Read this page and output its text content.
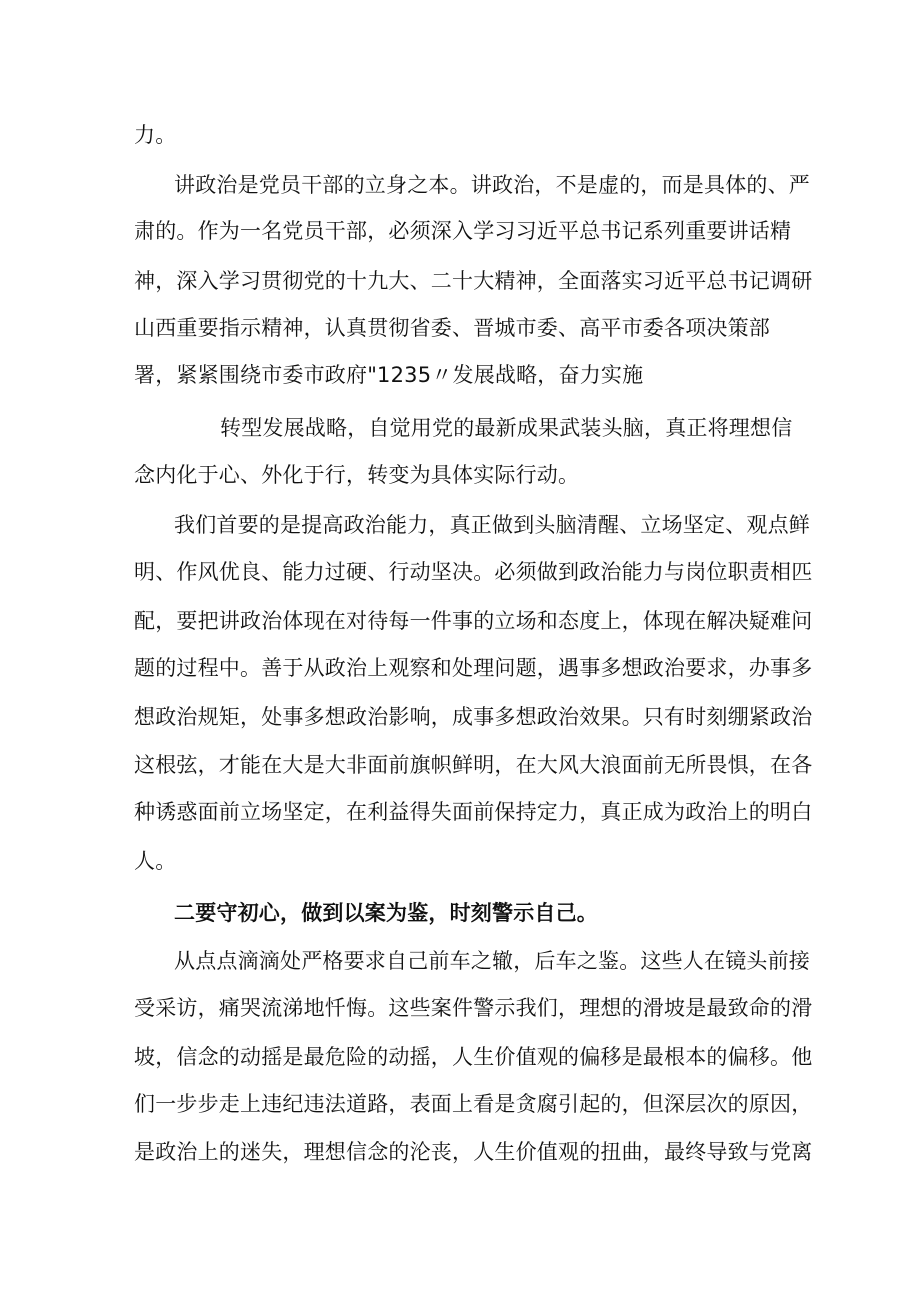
力。
讲政治是党员干部的立身之本。讲政治，不是虚的，而是具体的、严
肃的。作为一名党员干部，必须深入学习习近平总书记系列重要讲话精
神，深入学习贯彻党的十九大、二十大精神，全面落实习近平总书记调研
山西重要指示精神，认真贯彻省委、晋城市委、高平市委各项决策部
署，紧紧围绕市委市政府"1235〃发展战略，奋力实施
转型发展战略，自觉用党的最新成果武装头脑，真正将理想信
念内化于心、外化于行，转变为具体实际行动。
我们首要的是提高政治能力，真正做到头脑清醒、立场坚定、观点鲜
明、作风优良、能力过硬、行动坚决。必须做到政治能力与岗位职责相匹
配，要把讲政治体现在对待每一件事的立场和态度上，体现在解决疑难问
题的过程中。善于从政治上观察和处理问题，遇事多想政治要求，办事多
想政治规矩，处事多想政治影响，成事多想政治效果。只有时刻绷紧政治
这根弦，才能在大是大非面前旗帜鲜明，在大风大浪面前无所畏惧，在各
种诱惑面前立场坚定，在利益得失面前保持定力，真正成为政治上的明白
人。
二要守初心，做到以案为鉴，时刻警示自己。
从点点滴滴处严格要求自己前车之辙，后车之鉴。这些人在镜头前接
受采访，痛哭流涕地忏悔。这些案件警示我们，理想的滑坡是最致命的滑
坡，信念的动摇是最危险的动摇，人生价值观的偏移是最根本的偏移。他
们一步步走上违纪违法道路，表面上看是贪腐引起的，但深层次的原因，
是政治上的迷失，理想信念的沦丧，人生价值观的扭曲，最终导致与党离
